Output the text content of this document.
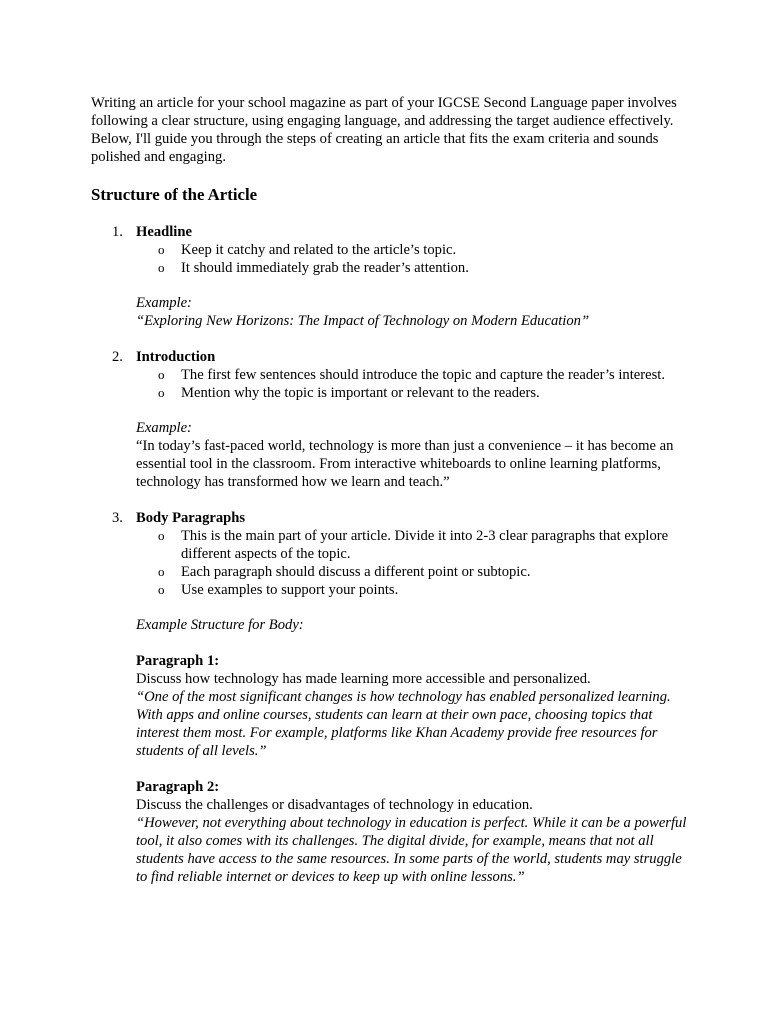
Writing an article for your school magazine as part of your IGCSE Second Language paper involves following a clear structure, using engaging language, and addressing the target audience effectively. Below, I'll guide you through the steps of creating an article that fits the exam criteria and sounds polished and engaging.

Structure of the Article
1. Headline
o Keep it catchy and related to the article’s topic.
o It should immediately grab the reader’s attention.
Example:
“Exploring New Horizons: The Impact of Technology on Modern Education”
2. Introduction
o The first few sentences should introduce the topic and capture the reader’s interest.
o Mention why the topic is important or relevant to the readers.
Example:
“In today’s fast-paced world, technology is more than just a convenience – it has become an essential tool in the classroom. From interactive whiteboards to online learning platforms, technology has transformed how we learn and teach.”
3. Body Paragraphs
o This is the main part of your article. Divide it into 2-3 clear paragraphs that explore different aspects of the topic.
o Each paragraph should discuss a different point or subtopic.
o Use examples to support your points.
Example Structure for Body:
Paragraph 1:
Discuss how technology has made learning more accessible and personalized.
“One of the most significant changes is how technology has enabled personalized learning. With apps and online courses, students can learn at their own pace, choosing topics that interest them most. For example, platforms like Khan Academy provide free resources for students of all levels.”
Paragraph 2:
Discuss the challenges or disadvantages of technology in education.
“However, not everything about technology in education is perfect. While it can be a powerful tool, it also comes with its challenges. The digital divide, for example, means that not all students have access to the same resources. In some parts of the world, students may struggle to find reliable internet or devices to keep up with online lessons.”
